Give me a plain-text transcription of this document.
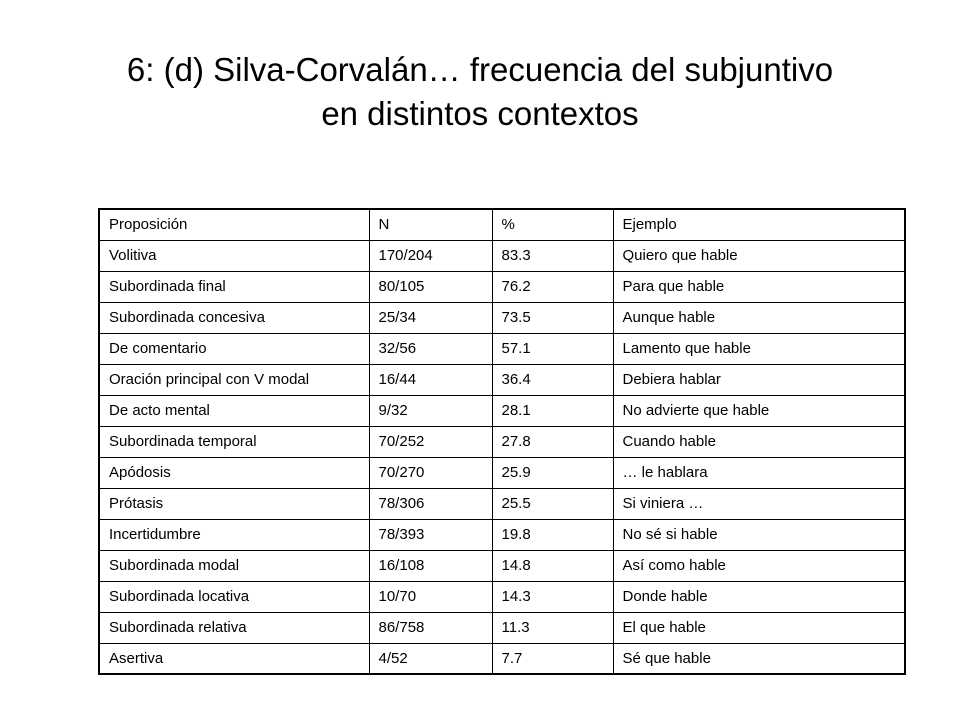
6: (d) Silva-Corvalán… frecuencia del subjuntivo
en distintos contextos
Proposición	N	%	Ejemplo
Volitiva	170/204	83.3	Quiero que hable
Subordinada final	80/105	76.2	Para que hable
Subordinada concesiva	25/34	73.5	Aunque hable
De comentario	32/56	57.1	Lamento que hable
Oración principal con V modal	16/44	36.4	Debiera hablar
De acto mental	9/32	28.1	No advierte que hable
Subordinada temporal	70/252	27.8	Cuando hable
Apódosis	70/270	25.9	… le hablara
Prótasis	78/306	25.5	Si viniera …
Incertidumbre	78/393	19.8	No sé si hable
Subordinada modal	16/108	14.8	Así como hable
Subordinada locativa	10/70	14.3	Donde hable
Subordinada relativa	86/758	11.3	El que hable
Asertiva	4/52	7.7	Sé que hable
